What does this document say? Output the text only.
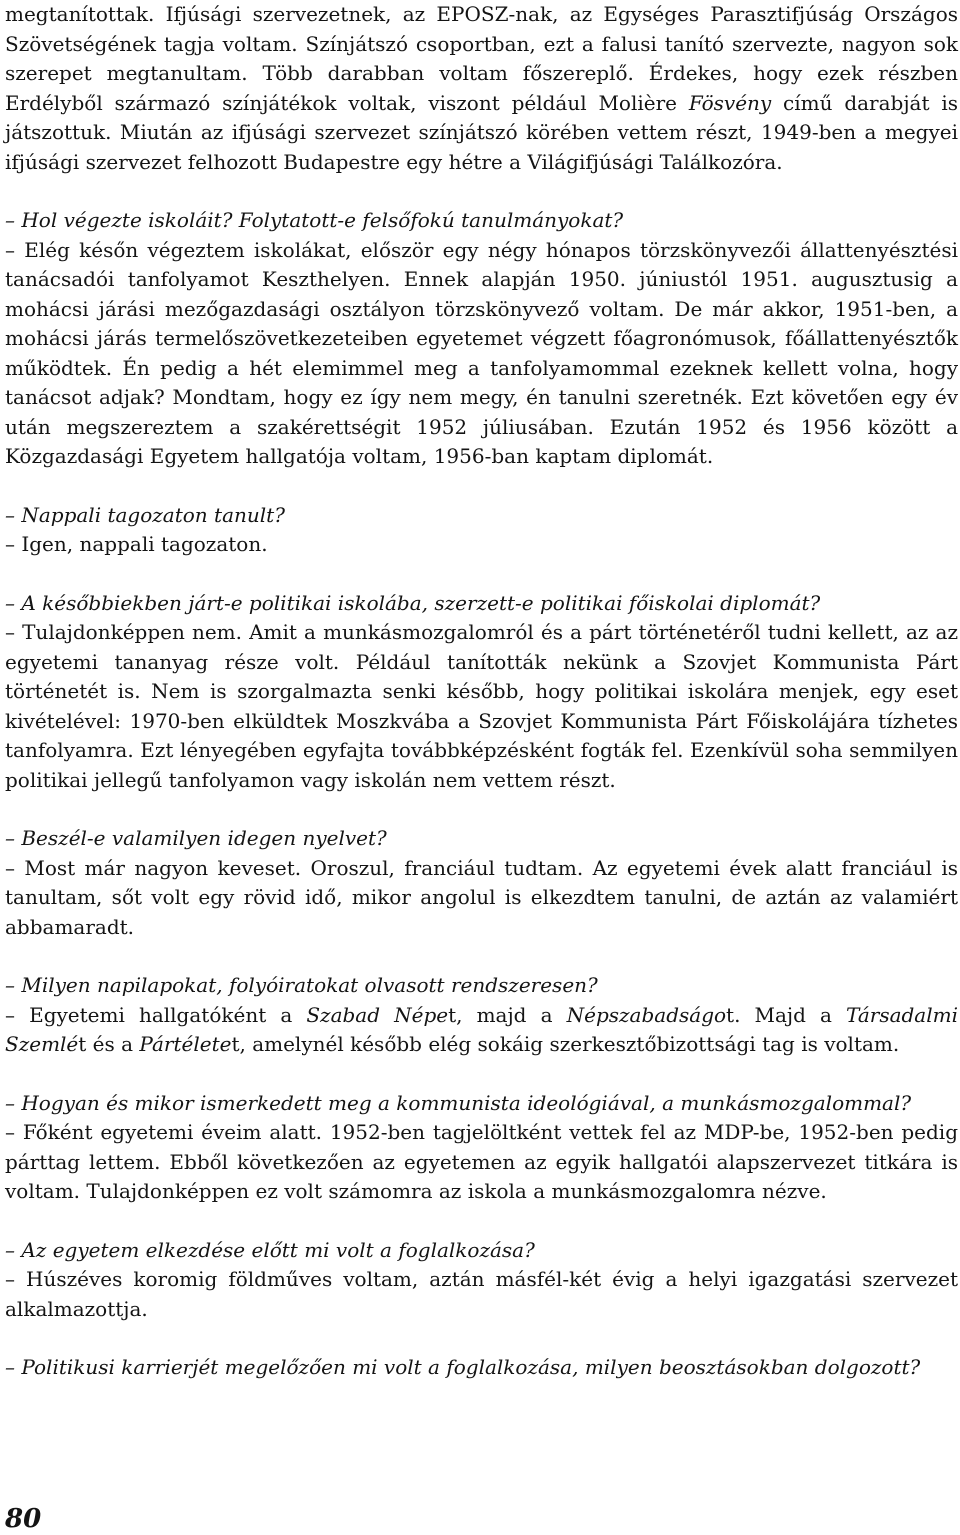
megtanítottak. Ifjúsági szervezetnek, az EPOSZ-nak, az Egységes Parasztifjúság Országos Szövetségének tagja voltam. Színjátszó csoportban, ezt a falusi tanító szervezte, nagyon sok szerepet megtanultam. Több darabban voltam főszereplő. Érdekes, hogy ezek részben Erdélyből származó színjátékok voltak, viszont például Molière Fösvény című darabját is játszottuk. Miután az ifjúsági szervezet színjátszó körében vettem részt, 1949-ben a megyei ifjúsági szervezet felhozott Budapestre egy hétre a Világifjúsági Találkozóra.

– Hol végezte iskoláit? Folytatott-e felsőfokú tanulmányokat?

– Elég későn végeztem iskolákat, először egy négy hónapos törzskönyvezői állattenyésztési tanácsadói tanfolyamot Keszthelyen. Ennek alapján 1950. júniustól 1951. augusztusig a mohácsi járási mezőgazdasági osztályon törzskönyvező voltam. De már akkor, 1951-ben, a mohácsi járás termelőszövetkezeteiben egyetemet végzett főagronómusok, főállattenyésztők működtek. Én pedig a hét elemimmel meg a tanfolyamommal ezeknek kellett volna, hogy tanácsot adjak? Mondtam, hogy ez így nem megy, én tanulni szeretnék. Ezt követően egy év után megszereztem a szakérettségit 1952 júliusában. Ezután 1952 és 1956 között a Közgazdasági Egyetem hallgatója voltam, 1956-ban kaptam diplomát.

– Nappali tagozaton tanult?

– Igen, nappali tagozaton.

– A későbbiekben járt-e politikai iskolába, szerzett-e politikai főiskolai diplomát?

– Tulajdonképpen nem. Amit a munkásmozgalomról és a párt történetéről tudni kellett, az az egyetemi tananyag része volt. Például tanították nekünk a Szovjet Kommunista Párt történetét is. Nem is szorgalmazta senki később, hogy politikai iskolára menjek, egy eset kivételével: 1970-ben elküldtek Moszkvába a Szovjet Kommunista Párt Főiskolájára tízhetes tanfolyamra. Ezt lényegében egyfajta továbbképzésként fogták fel. Ezenkívül soha semmilyen politikai jellegű tanfolyamon vagy iskolán nem vettem részt.

– Beszél-e valamilyen idegen nyelvet?

– Most már nagyon keveset. Oroszul, franciául tudtam. Az egyetemi évek alatt franciául is tanultam, sőt volt egy rövid idő, mikor angolul is elkezdtem tanulni, de aztán az valamiért abbamaradt.

– Milyen napilapokat, folyóiratokat olvasott rendszeresen?

– Egyetemi hallgatóként a Szabad Népet, majd a Népszabadságot. Majd a Társadalmi Szemlét és a Pártéletet, amelynél később elég sokáig szerkesztőbizottsági tag is voltam.

– Hogyan és mikor ismerkedett meg a kommunista ideológiával, a munkásmozgalommal?

– Főként egyetemi éveim alatt. 1952-ben tagjelöltként vettek fel az MDP-be, 1952-ben pedig párttag lettem. Ebből következően az egyetemen az egyik hallgatói alapszervezet titkára is voltam. Tulajdonképpen ez volt számomra az iskola a munkásmozgalomra nézve.

– Az egyetem elkezdése előtt mi volt a foglalkozása?

– Húszéves koromig földműves voltam, aztán másfél-két évig a helyi igazgatási szervezet alkalmazottja.

– Politikusi karrierjét megelőzően mi volt a foglalkozása, milyen beosztásokban dolgozott?

80
